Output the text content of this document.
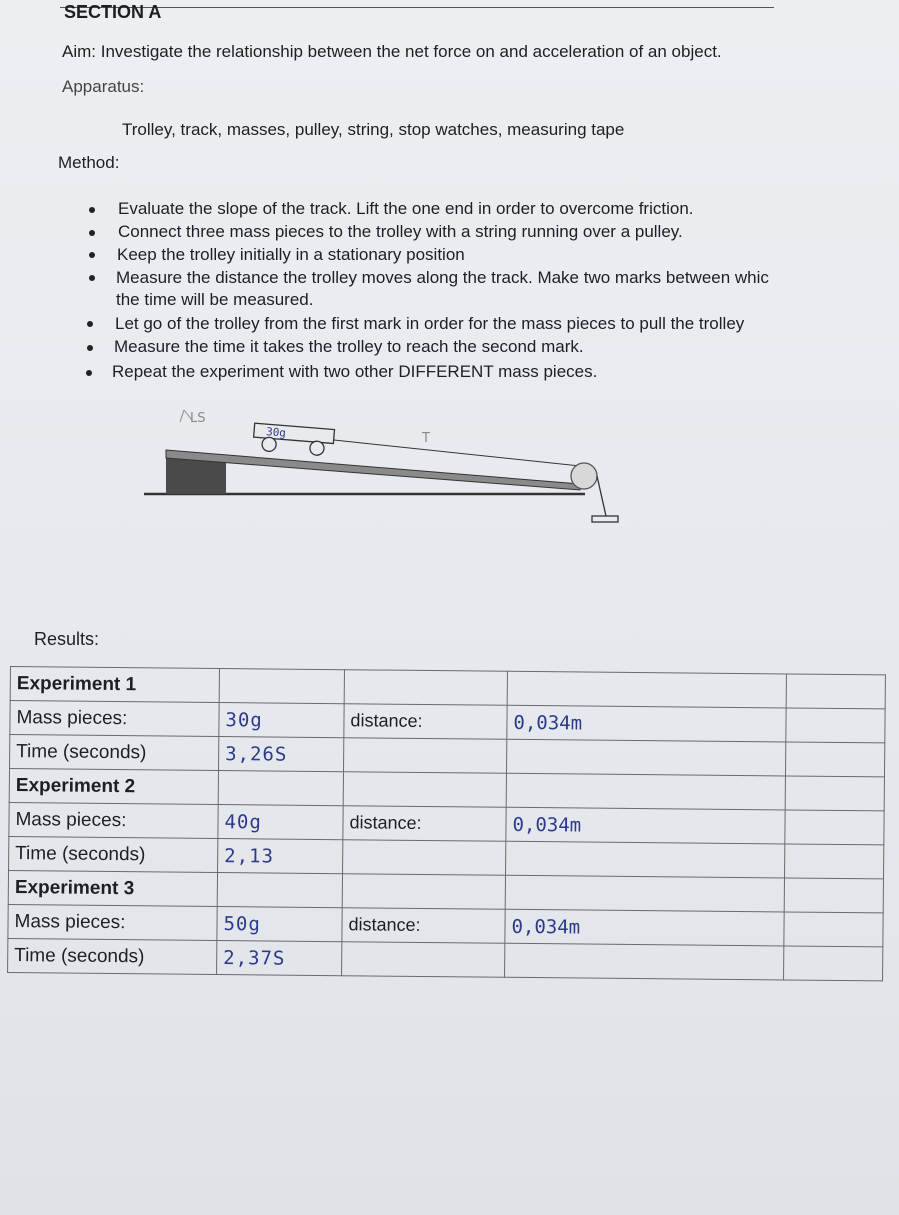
SECTION A
Aim: Investigate the relationship between the net force on and acceleration of an object.
Apparatus:
Trolley, track, masses, pulley, string, stop watches, measuring tape
Method:
Evaluate the slope of the track. Lift the one end in order to overcome friction.
Connect three mass pieces to the trolley with a string running over a pulley.
Keep the trolley initially in a stationary position
Measure the distance the trolley moves along the track. Make two marks between whic
the time will be measured.
Let go of the trolley from the first mark in order for the mass pieces to pull the trolley
Measure the time it takes the trolley to reach the second mark.
Repeat the experiment with two other DIFFERENT mass pieces.
30g
LS
T
Results:
Experiment 1				
Mass pieces:	30g	distance:	0,034m	
Time (seconds)	3,26S			
Experiment 2				
Mass pieces:	40g	distance:	0,034m	
Time (seconds)	2,13			
Experiment 3				
Mass pieces:	50g	distance:	0,034m	
Time (seconds)	2,37S			
